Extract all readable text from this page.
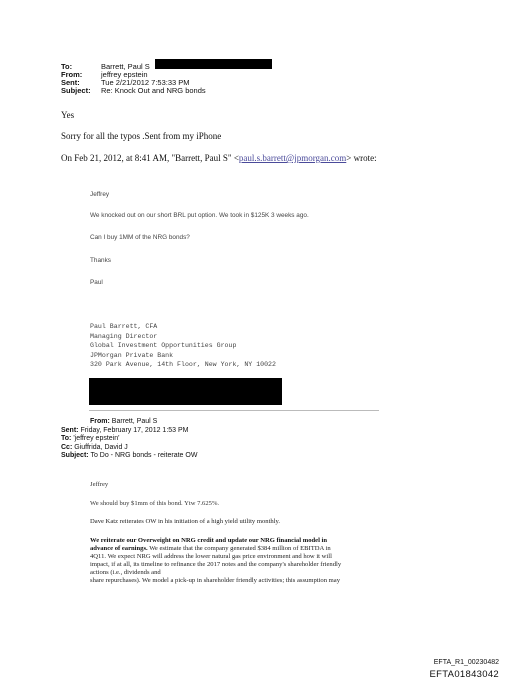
To:	Barrett, Paul S
From:	jeffrey epstein
Sent:	Tue 2/21/2012 7:53:33 PM
Subject: Re: Knock Out and NRG bonds
Yes
Sorry for all the typos .Sent from my iPhone
On Feb 21, 2012, at 8:41 AM, "Barrett, Paul S" <paul.s.barrett@jpmorgan.com> wrote:
Jeffrey
We knocked out on our short BRL put option. We took in $125K 3 weeks ago.
Can I buy 1MM of the NRG bonds?
Thanks
Paul
Paul Barrett, CFA
Managing Director
Global Investment Opportunities Group
JPMorgan Private Bank
320 Park Avenue, 14th Floor, New York, NY 10022
From: Barrett, Paul S
Sent: Friday, February 17, 2012 1:53 PM
To: 'jeffrey epstein'
Cc: Giuffrida, David J
Subject: To Do - NRG bonds - reiterate OW
Jeffrey
We should buy $1mm of this bond. Ytw 7.625%.
Dave Katz reiterates OW in his initiation of a high yield utility monthly.
We reiterate our Overweight on NRG credit and update our NRG financial model in
advance of earnings. We estimate that the company generated $384 million of EBITDA in
4Q11. We expect NRG will address the lower natural gas price environment and how it will
impact, if at all, its timeline to refinance the 2017 notes and the company's shareholder friendly
actions (i.e., dividends and
share repurchases). We model a pick-up in shareholder friendly activities; this assumption may
EFTA_R1_00230482
EFTA01843042
